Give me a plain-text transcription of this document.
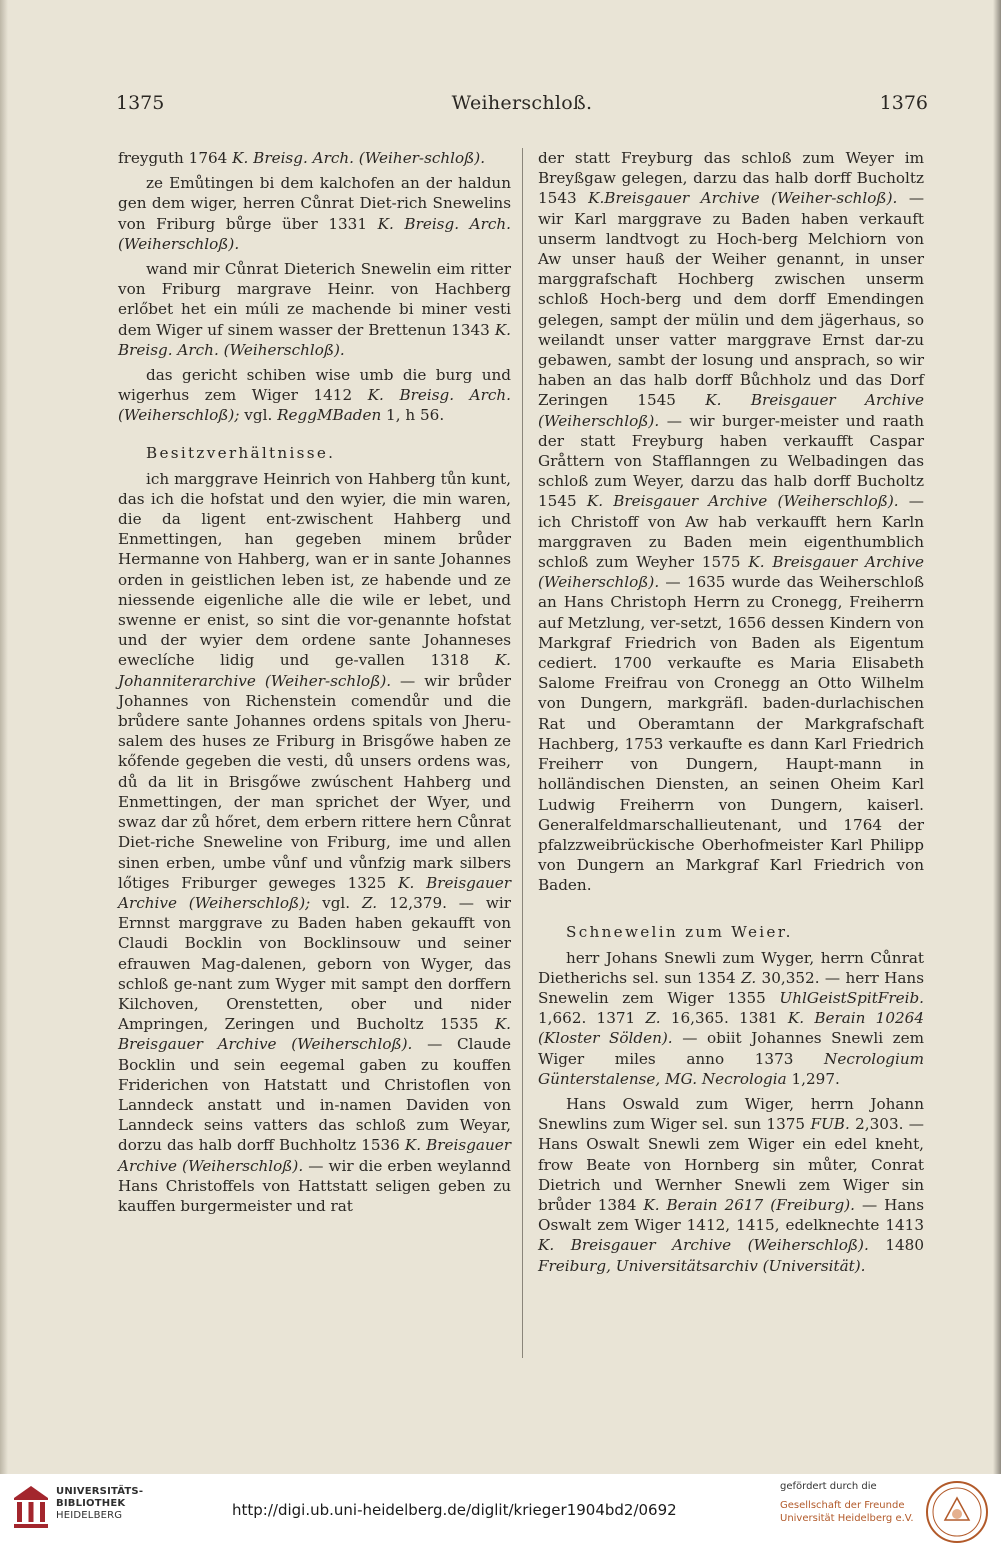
Weiherschloß.
1375	1376

freyguth 1764 K. Breisg. Arch. (Weiher-schloß).

ze Emůtingen bi dem kalchofen an der haldun gen dem wiger, herren Cůnrat Diet-rich Snewelins von Friburg bůrge über 1331 K. Breisg. Arch. (Weiherschloß).

wand mir Cůnrat Dieterich Snewelin eim ritter von Friburg margrave Heinr. von Hachberg erlőbet het ein múli ze machende bi miner vesti dem Wiger uf sinem wasser der Brettenun 1343 K. Breisg. Arch. (Weiherschloß).

das gericht schiben wise umb die burg und wigerhus zem Wiger 1412 K. Breisg. Arch. (Weiherschloß); vgl. ReggMBaden 1, h 56.

Besitzverhältnisse.

ich marggrave Heinrich von Hahberg tůn kunt, das ich die hofstat und den wyier, die min waren, die da ligent ent-zwischent Hahberg und Enmettingen, han gegeben minem brůder Hermanne von Hahberg, wan er in sante Johannes orden in geistlichen leben ist, ze habende und ze niessende eigenliche alle die wile er lebet, und swenne er enist, so sint die vor-genannte hofstat und der wyier dem ordene sante Johanneses eweclíche lidig und ge-vallen 1318 K. Johanniterarchive (Weiher-schloß). — wir brůder Johannes von Richenstein comendůr und die brůdere sante Johannes ordens spitals von Jheru-salem des huses ze Friburg in Brisgőwe haben ze kőfende gegeben die vesti, dů unsers ordens was, dů da lit in Brisgőwe zwúschent Hahberg und Enmettingen, der man sprichet der Wyer, und swaz dar zů hőret, dem erbern rittere hern Cůnrat Diet-riche Sneweline von Friburg, ime und allen sinen erben, umbe vůnf und vůnfzig mark silbers lőtiges Friburger geweges 1325 K. Breisgauer Archive (Weiherschloß); vgl. Z. 12,379. — wir Ernnst marggrave zu Baden haben gekaufft von Claudi Bocklin von Bocklinsouw und seiner efrauwen Mag-dalenen, geborn von Wyger, das schloß ge-nant zum Wyger mit sampt den dorffern Kilchoven, Orenstetten, ober und nider Ampringen, Zeringen und Bucholtz 1535 K. Breisgauer Archive (Weiherschloß). — Claude Bocklin und sein eegemal gaben zu kouffen Friderichen von Hatstatt und Christoflen von Lanndeck anstatt und in-namen Daviden von Lanndeck seins vatters das schloß zum Weyar, dorzu das halb dorff Buchholtz 1536 K. Breisgauer Archive (Weiherschloß). — wir die erben weylannd Hans Christoffels von Hattstatt seligen geben zu kauffen burgermeister und rat

der statt Freyburg das schloß zum Weyer im Breyßgaw gelegen, darzu das halb dorff Bucholtz 1543 K.Breisgauer Archive (Weiher-schloß). — wir Karl marggrave zu Baden haben verkauft unserm landtvogt zu Hoch-berg Melchiorn von Aw unser hauß der Weiher genannt, in unser marggrafschaft Hochberg zwischen unserm schloß Hoch-berg und dem dorff Emendingen gelegen, sampt der mülin und dem jägerhaus, so weilandt unser vatter marggrave Ernst dar-zu gebawen, sambt der losung und ansprach, so wir haben an das halb dorff Bůchholz und das Dorf Zeringen 1545 K. Breisgauer Archive (Weiherschloß). — wir burger-meister und raath der statt Freyburg haben verkaufft Caspar Gråttern von Stafflanngen zu Welbadingen das schloß zum Weyer, darzu das halb dorff Bucholtz 1545 K. Breisgauer Archive (Weiherschloß). — ich Christoff von Aw hab verkaufft hern Karln marggraven zu Baden mein eigenthumblich schloß zum Weyher 1575 K. Breisgauer Archive (Weiherschloß). — 1635 wurde das Weiherschloß an Hans Christoph Herrn zu Cronegg, Freiherrn auf Metzlung, ver-setzt, 1656 dessen Kindern von Markgraf Friedrich von Baden als Eigentum cediert. 1700 verkaufte es Maria Elisabeth Salome Freifrau von Cronegg an Otto Wilhelm von Dungern, markgräfl. baden-durlachischen Rat und Oberamtann der Markgrafschaft Hachberg, 1753 verkaufte es dann Karl Friedrich Freiherr von Dungern, Haupt-mann in holländischen Diensten, an seinen Oheim Karl Ludwig Freiherrn von Dungern, kaiserl. Generalfeldmarschallieutenant, und 1764 der pfalzzweibrückische Oberhofmeister Karl Philipp von Dungern an Markgraf Karl Friedrich von Baden.

Schnewelin zum Weier.

herr Johans Snewli zum Wyger, herrn Cůnrat Dietherichs sel. sun 1354 Z. 30,352. — herr Hans Snewelin zem Wiger 1355 UhlGeistSpitFreib. 1,662. 1371 Z. 16,365. 1381 K. Berain 10264 (Kloster Sölden). — obiit Johannes Snewli zem Wiger miles anno 1373 Necrologium Günterstalense, MG. Necrologia 1,297.

Hans Oswald zum Wiger, herrn Johann Snewlins zum Wiger sel. sun 1375 FUB. 2,303. — Hans Oswalt Snewli zem Wiger ein edel kneht, frow Beate von Hornberg sin můter, Conrat Dietrich und Wernher Snewli zem Wiger sin brůder 1384 K. Berain 2617 (Freiburg). — Hans Oswalt zem Wiger 1412, 1415, edelknechte 1413 K. Breisgauer Archive (Weiherschloß). 1480 Freiburg, Universitätsarchiv (Universität).

UNIVERSITÄTS-
BIBLIOTHEK
HEIDELBERG	http://digi.ub.uni-heidelberg.de/diglit/krieger1904bd2/0692
gefördert durch die
Gesellschaft der Freunde
Universität Heidelberg e.V.
